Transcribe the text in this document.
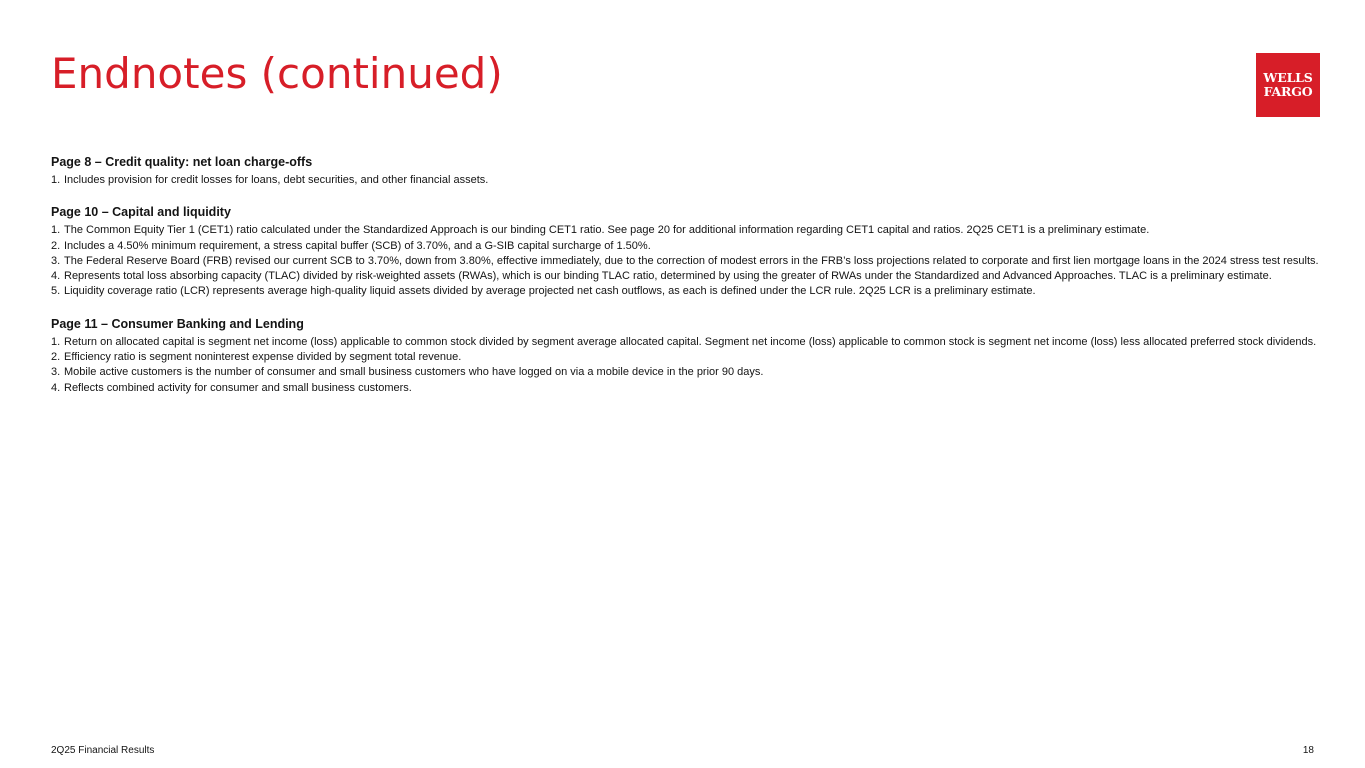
Endnotes (continued)	WELLS
FARGO

Page 8 – Credit quality: net loan charge-offs

1. Includes provision for credit losses for loans, debt securities, and other financial assets.

Page 10 – Capital and liquidity

1. The Common Equity Tier 1 (CET1) ratio calculated under the Standardized Approach is our binding CET1 ratio. See page 20 for additional information regarding CET1 capital and ratios. 2Q25 CET1 is a preliminary estimate.
2. Includes a 4.50% minimum requirement, a stress capital buffer (SCB) of 3.70%, and a G-SIB capital surcharge of 1.50%.
3. The Federal Reserve Board (FRB) revised our current SCB to 3.70%, down from 3.80%, effective immediately, due to the correction of modest errors in the FRB’s loss projections related to corporate and first lien mortgage loans in the 2024 stress test results.
4. Represents total loss absorbing capacity (TLAC) divided by risk-weighted assets (RWAs), which is our binding TLAC ratio, determined by using the greater of RWAs under the Standardized and Advanced Approaches. TLAC is a preliminary estimate.
5. Liquidity coverage ratio (LCR) represents average high-quality liquid assets divided by average projected net cash outflows, as each is defined under the LCR rule. 2Q25 LCR is a preliminary estimate.

Page 11 – Consumer Banking and Lending

1. Return on allocated capital is segment net income (loss) applicable to common stock divided by segment average allocated capital. Segment net income (loss) applicable to common stock is segment net income (loss) less allocated preferred stock dividends.
2. Efficiency ratio is segment noninterest expense divided by segment total revenue.
3. Mobile active customers is the number of consumer and small business customers who have logged on via a mobile device in the prior 90 days.
4. Reflects combined activity for consumer and small business customers.
2Q25 Financial Results	18
